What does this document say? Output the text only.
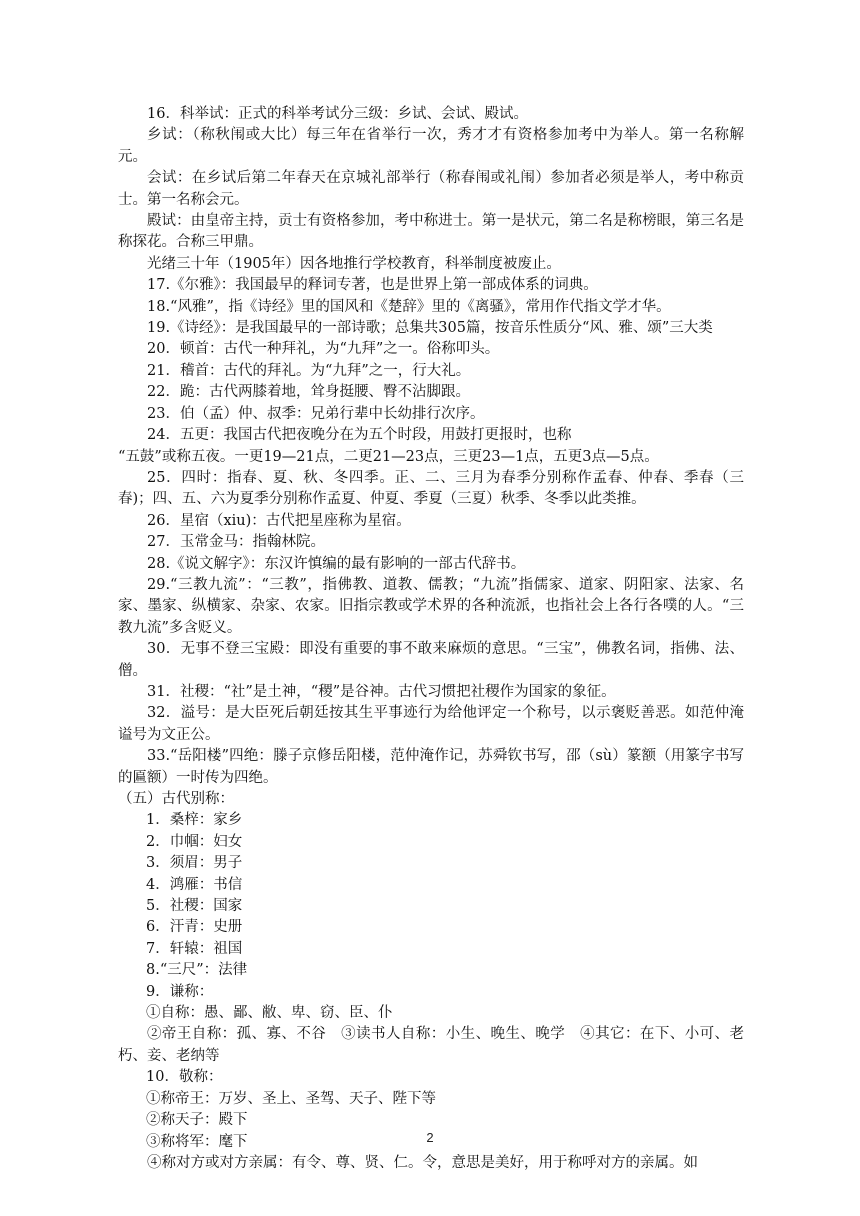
16．科举试：正式的科举考试分三级：乡试、会试、殿试。

乡试：（称秋闱或大比）每三年在省举行一次，秀才才有资格参加考中为举人。第一名称解元。

会试：在乡试后第二年春天在京城礼部举行（称春闱或礼闱）参加者必须是举人，考中称贡士。第一名称会元。

殿试：由皇帝主持，贡士有资格参加，考中称进士。第一是状元，第二名是称榜眼，第三名是称探花。合称三甲鼎。

光绪三十年（1905年）因各地推行学校教育，科举制度被废止。

17.《尔雅》：我国最早的释词专著，也是世界上第一部成体系的词典。

18.“风雅”，指《诗经》里的国风和《楚辞》里的《离骚》，常用作代指文学才华。

19.《诗经》：是我国最早的一部诗歌；总集共305篇，按音乐性质分“风、雅、颂”三大类

20．顿首：古代一种拜礼，为“九拜”之一。俗称叩头。

21．稽首：古代的拜礼。为“九拜”之一，行大礼。

22．跪：古代两膝着地，耸身挺腰、臀不沾脚跟。

23．伯（孟）仲、叔季：兄弟行辈中长幼排行次序。

24．五更：我国古代把夜晚分在为五个时段，用鼓打更报时，也称

“五鼓”或称五夜。一更19—21点，二更21—23点，三更23—1点，五更3点—5点。

25．四时：指春、夏、秋、冬四季。正、二、三月为春季分别称作孟春、仲春、季春（三春)；四、五、六为夏季分别称作孟夏、仲夏、季夏（三夏）秋季、冬季以此类推。

26．星宿（xiu)：古代把星座称为星宿。

27．玉常金马：指翰林院。

28.《说文解字》：东汉许慎编的最有影响的一部古代辞书。

29.“三教九流”：“三教”，指佛教、道教、儒教；“九流”指儒家、道家、阴阳家、法家、名家、墨家、纵横家、杂家、农家。旧指宗教或学术界的各种流派，也指社会上各行各噗的人。“三教九流”多含贬义。

30．无事不登三宝殿：即没有重要的事不敢来麻烦的意思。“三宝”，佛教名词，指佛、法、僧。

31．社稷：“社”是土神，“稷”是谷神。古代习惯把社稷作为国家的象征。

32．溢号：是大臣死后朝廷按其生平事迹行为给他评定一个称号，以示褒贬善恶。如范仲淹谥号为文正公。

33.“岳阳楼”四绝：滕子京修岳阳楼，范仲淹作记，苏舜钦书写，邵（sù）篆额（用篆字书写的匾额）一时传为四绝。

（五）古代别称：

1．桑梓：家乡

2．巾帼：妇女

3．须眉：男子

4．鸿雁：书信

5．社稷：国家

6．汗青：史册

7．轩辕：祖国

8.“三尺”：法律

9．谦称：

①自称：愚、鄙、敝、卑、窃、臣、仆

②帝王自称：孤、寡、不谷　③读书人自称：小生、晚生、晚学　④其它：在下、小可、老朽、妾、老纳等

10．敬称：

①称帝王：万岁、圣上、圣驾、天子、陛下等

②称天子：殿下

③称将军：麾下

④称对方或对方亲属：有令、尊、贤、仁。令，意思是美好，用于称呼对方的亲属。如

2
